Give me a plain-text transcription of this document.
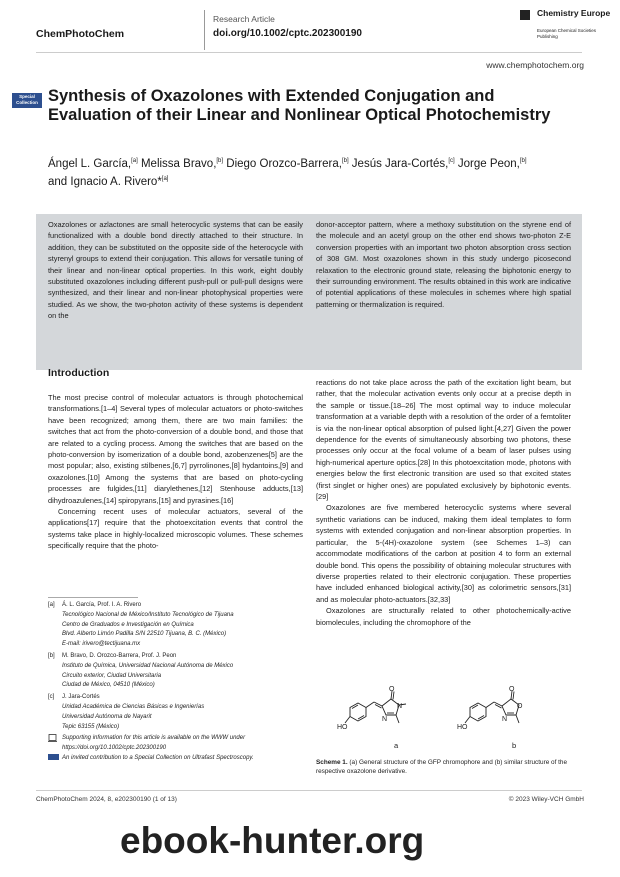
ChemPhotoChem
Research Article
doi.org/10.1002/cptc.202300190
Chemistry Europe
European Chemical Societies Publishing
www.chemphotochem.org
Special Collection Synthesis of Oxazolones with Extended Conjugation and Evaluation of their Linear and Nonlinear Optical Photochemistry
Ángel L. García,[a] Melissa Bravo,[b] Diego Orozco-Barrera,[b] Jesús Jara-Cortés,[c] Jorge Peon,[b]
and Ignacio A. Rivero*[a]
Oxazolones or azlactones are small heterocyclic systems that can be easily functionalized with a double bond directly attached to their structure. In addition, they can be substituted on the opposite side of the heterocycle with styrenyl groups to extend their conjugation. This allows for versatile tuning of their linear and non-linear optical properties. In this work, eight doubly substituted oxazolones including different push-pull or pull-pull designs were synthesized, and their linear and non-linear photophysical properties were studied. As we show, the two-photon activity of these systems is dependent on the
donor-acceptor pattern, where a methoxy substitution on the styrene end of the molecule and an acetyl group on the other end shows two-photon Z-E conversion properties with an important two photon absorption cross section of 308 GM. Most oxazolones shown in this study undergo picosecond relaxation to the electronic ground state, releasing the biphotonic energy to their surrounding environment. The results obtained in this work are indicative of potential applications of these molecules in schemes where high spatial patterning or thermalization is required.
Introduction

The most precise control of molecular actuators is through photochemical transformations.[1–4] Several types of molecular actuators or photo-switches have been recognized; among them, there are two main families: the switches that act from the photo-conversion of a double bond, and those that are related to a cycling process. Among the switches that are based on the photo-conversion by isomerization of a double bond, azobenzenes[5] are the most popular; also, existing stilbenes,[6,7] pyrrolinones,[8] hydantoins,[9] and oxazolones.[10] Among the systems that are based on photo-cycling processes are fulgides,[11] diarylethenes,[12] Stenhouse adducts,[13] dihydroazulenes,[14] spiropyrans,[15] and pyrasines.[16]

Concerning recent uses of molecular actuators, several of the applications[17] require that the photoexcitation events that control the systems take place in highly-localized microscopic volumes. These schemes specifically require that the photo-

reactions do not take place across the path of the excitation light beam, but rather, that the molecular activation events only occur at a precise depth in the sample or tissue.[18–26] The most optimal way to induce molecular transformation at a variable depth with a resolution of the order of a femtoliter is via the non-linear optical absorption of pulsed light.[4,27] Given the power dependence for the events of simultaneously absorbing two photons, these processes only occur at the focal volume of a beam of laser pulses using high-numerical aperture optics.[28] In this photoexcitation mode, photons with energies below the first electronic transition are used so that excited states (first singlet or higher ones) are populated exclusively by biphotonic events.[29]

Oxazolones are five membered heterocyclic systems where several synthetic variations can be induced, making them ideal templates to form systems with extended conjugation and non-linear absorption properties. In particular, the 5-(4H)-oxazolone system (see Schemes 1–3) can accommodate modifications of the carbon at position 4 to form an external double bond. This opens the possibility of obtaining molecular structures with diverse properties related to their electronic conjugation. These properties have included enhanced biological activity,[30] as colorimetric sensors,[31] and as molecular photo-actuators.[32,33]

Oxazolones are structurally related to other photochemically-active biomolecules, including the chromophore of the

[a] Á. L. García, Prof. I. A. Rivero
Tecnológico Nacional de México/Instituto Tecnológico de Tijuana
Centro de Graduados e Investigación en Química
Blvd. Alberto Limón Padilla S/N 22510 Tijuana, B. C. (México)
E-mail: irivero@tectijuana.mx
[b] M. Bravo, D. Orozco-Barrera, Prof. J. Peon
Instituto de Química, Universidad Nacional Autónoma de México
Circuito exterior, Ciudad Universitaria
Ciudad de México, 04510 (México)
[c] J. Jara-Cortés
Unidad Académica de Ciencias Básicas e Ingenierías
Universidad Autónoma de Nayarit
Tepic 63155 (México)
Supporting information for this article is available on the WWW under
https://doi.org/10.1002/cptc.202300190
An invited contribution to a Special Collection on Ultrafast Spectroscopy.
HO
O
N
N
a
HO
O
O
N
b
Scheme 1. (a) General structure of the GFP chromophore and (b) similar structure of the respective oxazolone derivative.
ChemPhotoChem 2024, 8, e202300190 (1 of 13)	© 2023 Wiley-VCH GmbH
ebook-hunter.org
